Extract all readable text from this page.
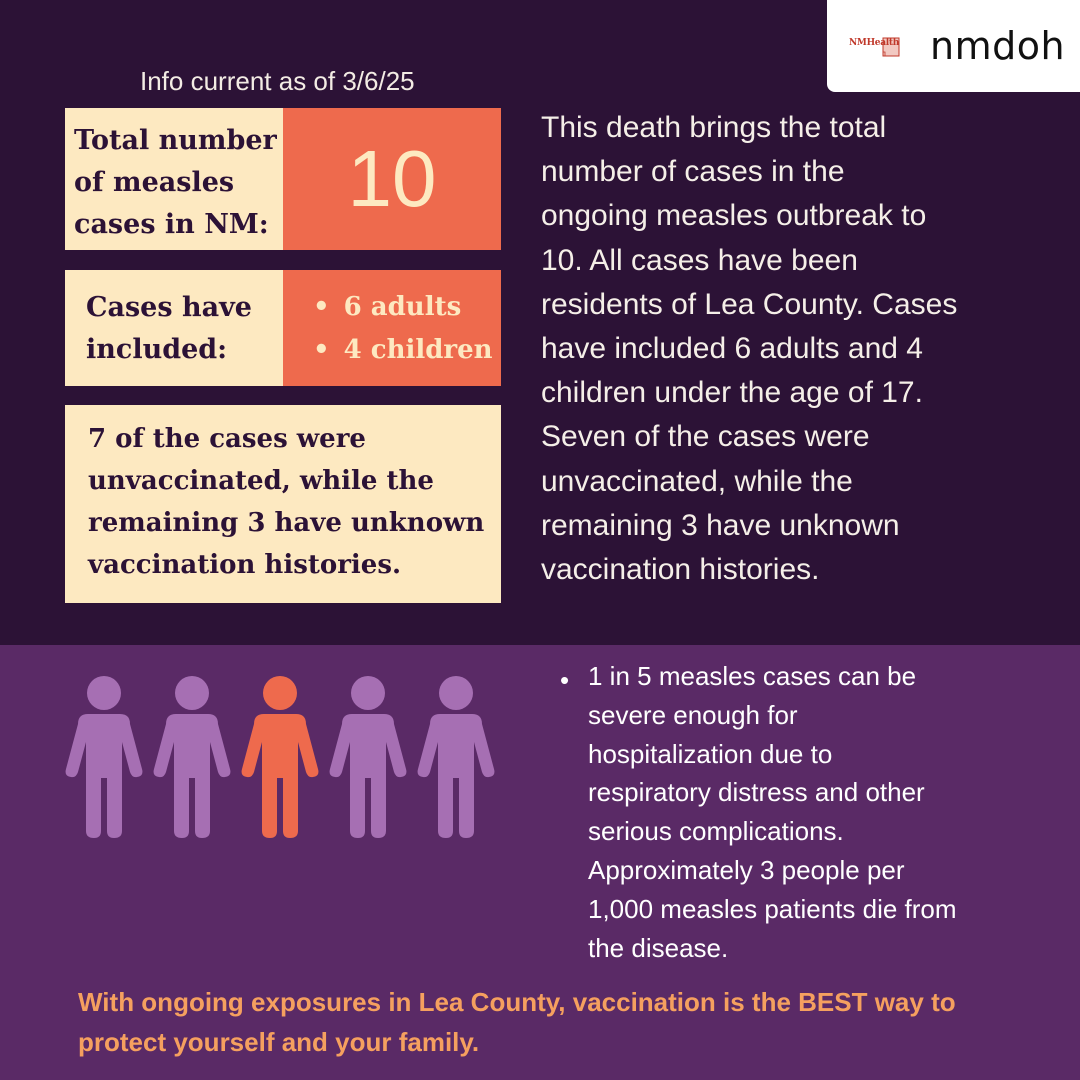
NMHealth nmdoh
Info current as of 3/6/25
Total number
of measles
cases in NM:
10
Cases have
included:
• 6 adults
• 4 children
7 of the cases were
unvaccinated, while the
remaining 3 have unknown
vaccination histories.
This death brings the total
number of cases in the
ongoing measles outbreak to
10. All cases have been
residents of Lea County. Cases
have included 6 adults and 4
children under the age of 17.
Seven of the cases were
unvaccinated, while the
remaining 3 have unknown
vaccination histories.
• 1 in 5 measles cases can be
severe enough for
hospitalization due to
respiratory distress and other
serious complications.
Approximately 3 people per
1,000 measles patients die from
the disease.
With ongoing exposures in Lea County, vaccination is the BEST way to
protect yourself and your family.
